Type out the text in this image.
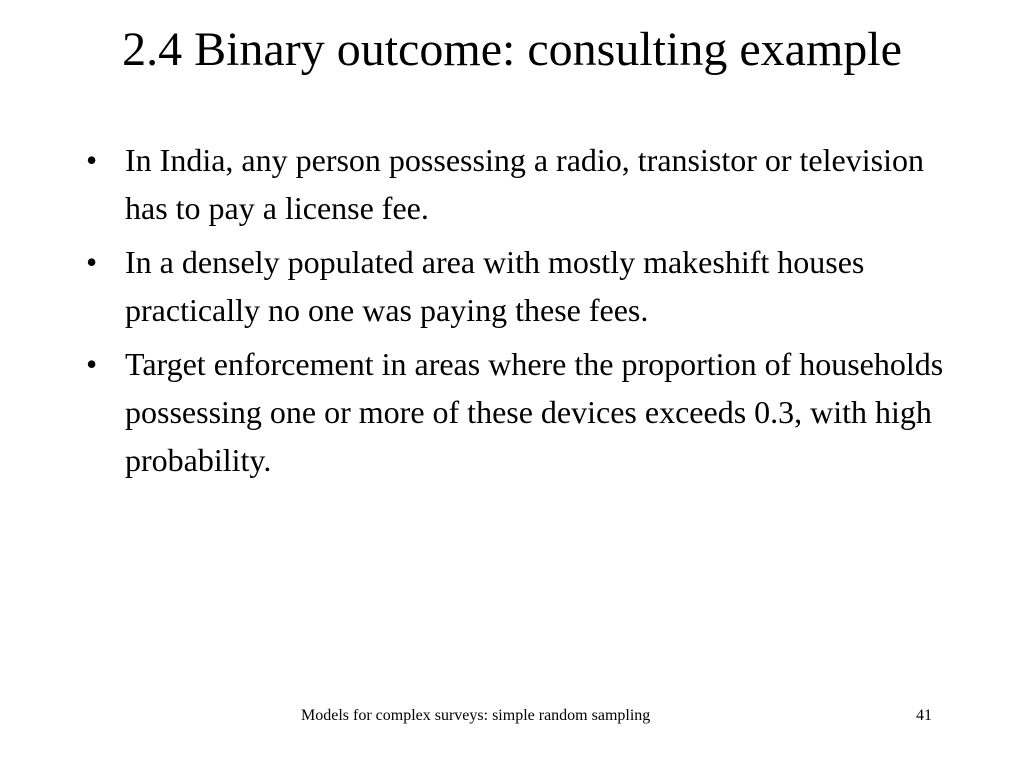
2.4 Binary outcome: consulting example
• In India, any person possessing a radio, transistor or television has to pay a license fee.
• In a densely populated area with mostly makeshift houses practically no one was paying these fees.
• Target enforcement in areas where the proportion of households possessing one or more of these devices exceeds 0.3, with high probability.
Models for complex surveys: simple random sampling	41
